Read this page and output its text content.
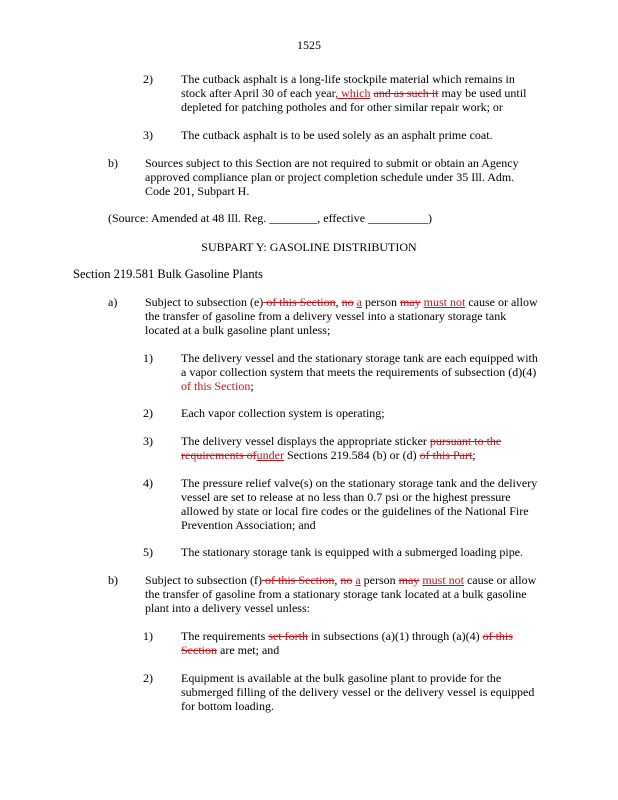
1525
2) The cutback asphalt is a long-life stockpile material which remains in stock after April 30 of each year, which and as such it may be used until depleted for patching potholes and for other similar repair work; or

3) The cutback asphalt is to be used solely as an asphalt prime coat.

b) Sources subject to this Section are not required to submit or obtain an Agency approved compliance plan or project completion schedule under 35 Ill. Adm. Code 201, Subpart H.

(Source: Amended at 48 Ill. Reg. ________, effective __________)

SUBPART Y: GASOLINE DISTRIBUTION
Section 219.581 Bulk Gasoline Plants
a) Subject to subsection (e) of this Section, no a person may must not cause or allow the transfer of gasoline from a delivery vessel into a stationary storage tank located at a bulk gasoline plant unless;

1) The delivery vessel and the stationary storage tank are each equipped with a vapor collection system that meets the requirements of subsection (d)(4) of this Section;

2) Each vapor collection system is operating;

3) The delivery vessel displays the appropriate sticker pursuant to the requirements ofunder Sections 219.584 (b) or (d) of this Part;

4) The pressure relief valve(s) on the stationary storage tank and the delivery vessel are set to release at no less than 0.7 psi or the highest pressure allowed by state or local fire codes or the guidelines of the National Fire Prevention Association; and

5) The stationary storage tank is equipped with a submerged loading pipe.

b) Subject to subsection (f) of this Section, no a person may must not cause or allow the transfer of gasoline from a stationary storage tank located at a bulk gasoline plant into a delivery vessel unless:

1) The requirements set forth in subsections (a)(1) through (a)(4) of this Section are met; and

2) Equipment is available at the bulk gasoline plant to provide for the submerged filling of the delivery vessel or the delivery vessel is equipped for bottom loading.
